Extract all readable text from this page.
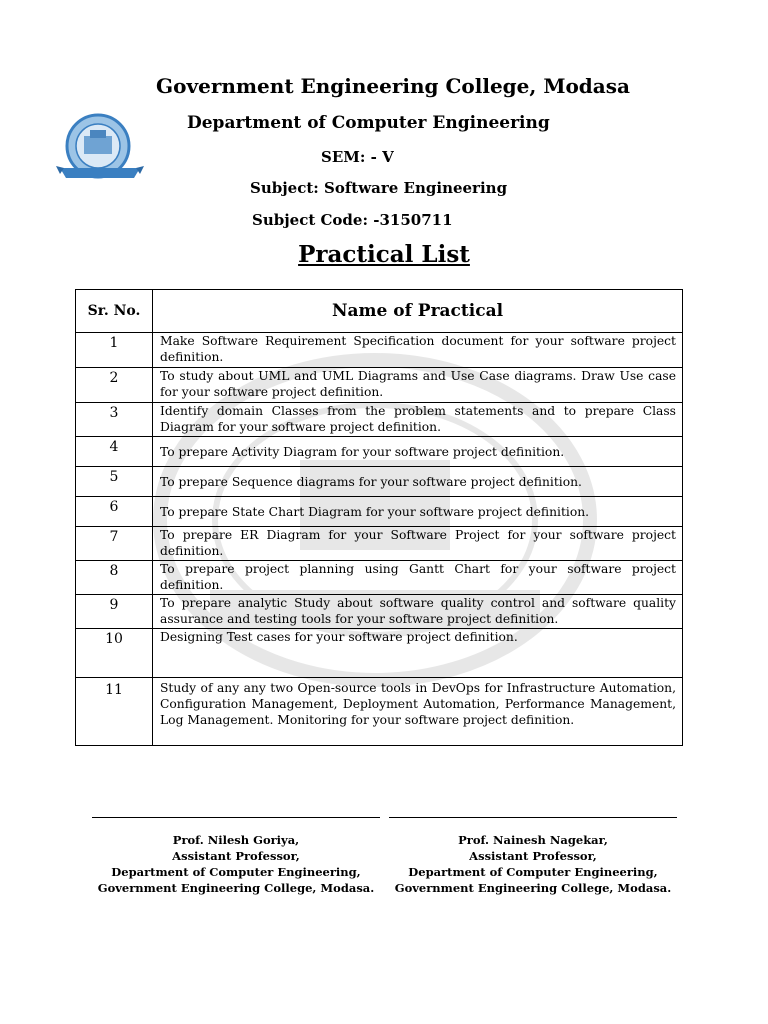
Government Engineering College, Modasa
Department of Computer Engineering
SEM: - V
Subject: Software Engineering
Subject Code: -3150711
Practical List
Sr. No.	Name of Practical
1	Make Software Requirement Specification document for your software project definition.
2	To study about UML and UML Diagrams and Use Case diagrams. Draw Use case for your software project definition.
3	Identify domain Classes from the problem statements and to prepare Class Diagram for your software project definition.
4	To prepare Activity Diagram for your software project definition.
5	To prepare Sequence diagrams for your software project definition.
6	To prepare State Chart Diagram for your software project definition.
7	To prepare ER Diagram for your Software Project for your software project definition.
8	To prepare project planning using Gantt Chart for your software project definition.
9	To prepare analytic Study about software quality control and software quality assurance and testing tools for your software project definition.
10	Designing Test cases for your software project definition.
11	Study of any any two Open-source tools in DevOps for Infrastructure Automation, Configuration Management, Deployment Automation, Performance Management, Log Management. Monitoring for your software project definition.
Prof. Nilesh Goriya,
Assistant Professor,
Department of Computer Engineering,
Government Engineering College, Modasa.
Prof. Nainesh Nagekar,
Assistant Professor,
Department of Computer Engineering,
Government Engineering College, Modasa.
